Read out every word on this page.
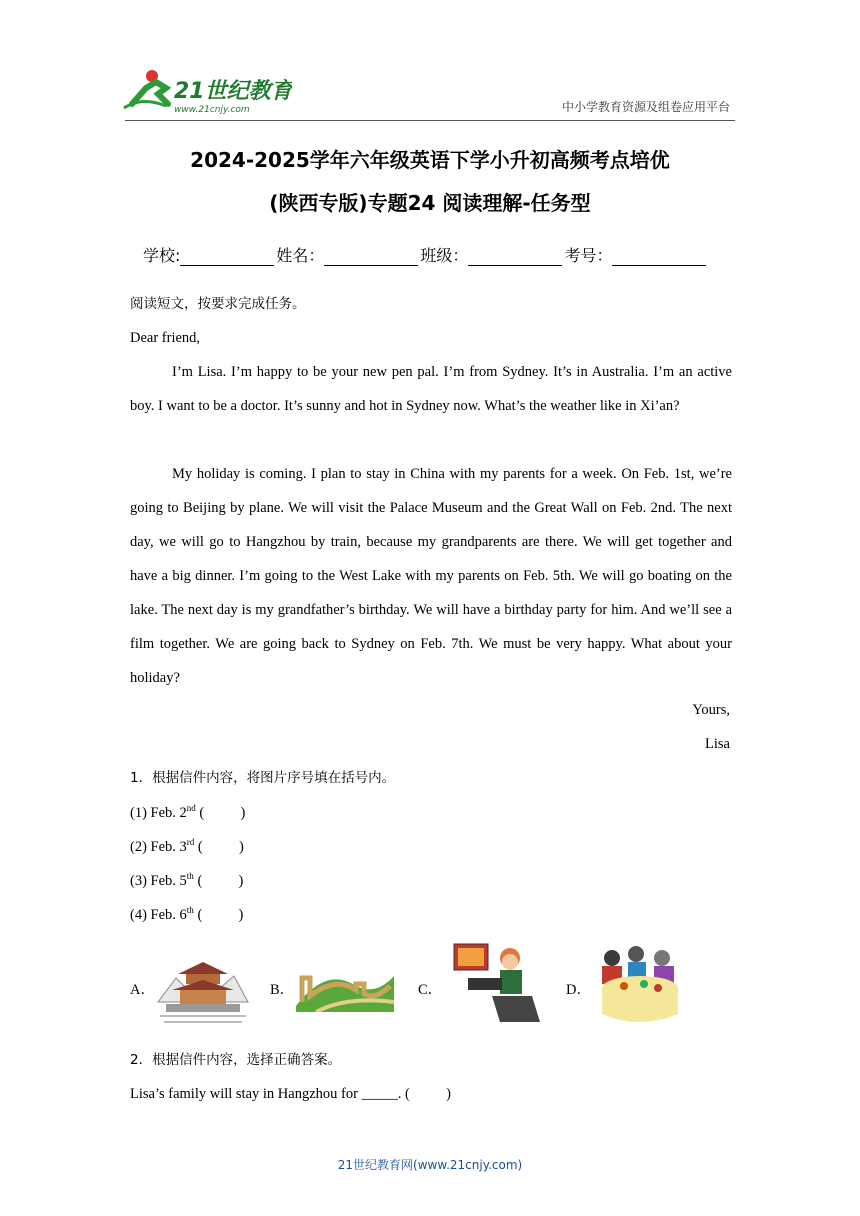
21世纪教育
www.21cnjy.com	中小学教育资源及组卷应用平台
2024-2025学年六年级英语下学小升初高频考点培优
(陕西专版)专题24 阅读理解-任务型
学校:	姓名：	班级：	考号：
阅读短文，按要求完成任务。
Dear friend,
I’m Lisa. I’m happy to be your new pen pal. I’m from Sydney. It’s in Australia. I’m an active boy. I want to be a doctor. It’s sunny and hot in Sydney now. What’s the weather like in Xi’an?
My holiday is coming. I plan to stay in China with my parents for a week. On Feb. 1st, we’re going to Beijing by plane. We will visit the Palace Museum and the Great Wall on Feb. 2nd. The next day, we will go to Hangzhou by train, because my grandparents are there. We will get together and have a big dinner. I’m going to the West Lake with my parents on Feb. 5th. We will go boating on the lake. The next day is my grandfather’s birthday. We will have a birthday party for him. And we’ll see a film together. We are going back to Sydney on Feb. 7th. We must be very happy. What about your holiday?
Yours,
Lisa
1．根据信件内容，将图片序号填在括号内。
(1) Feb. 2nd (          )
(2) Feb. 3rd (          )
(3) Feb. 5th (          )
(4) Feb. 6th (          )
A．	B．	C．	D．
2．根据信件内容，选择正确答案。
Lisa’s family will stay in Hangzhou for _____. (          )
21世纪教育网(www.21cnjy.com)
